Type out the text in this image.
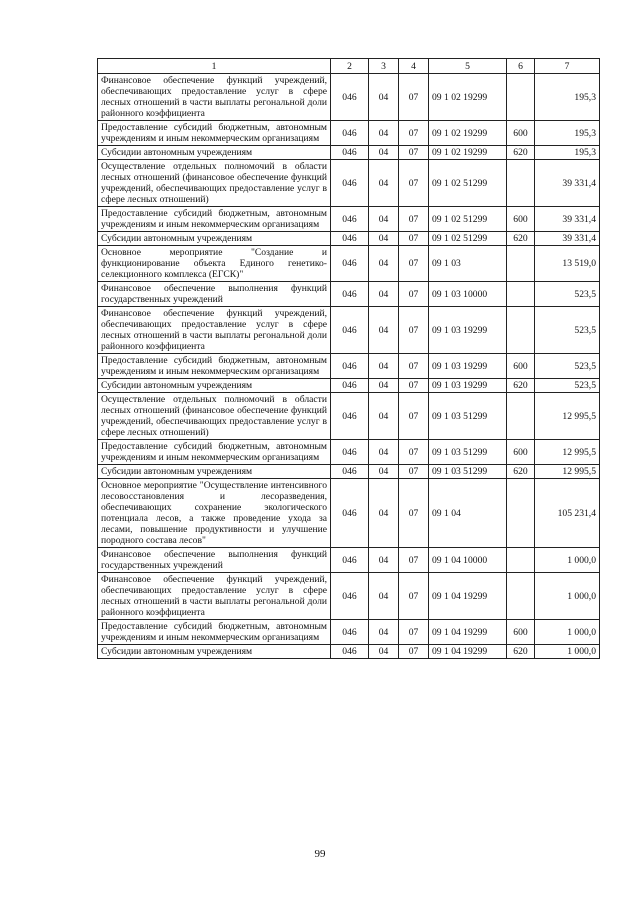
1	2	3	4	5	6	7
Финансовое обеспечение функций учреждений, обеспечивающих предоставление услуг в сфере лесных отношений в части выплаты регональной доли районного коэффициента	046	04	07	09 1 02 19299		195,3
Предоставление субсидий бюджетным, автономным учреждениям и иным некоммерческим организациям	046	04	07	09 1 02 19299	600	195,3
Субсидии автономным учреждениям	046	04	07	09 1 02 19299	620	195,3
Осуществление отдельных полномочий в области лесных отношений (финансовое обеспечение функций учреждений, обеспечивающих предоставление услуг в сфере лесных отношений)	046	04	07	09 1 02 51299		39 331,4
Предоставление субсидий бюджетным, автономным учреждениям и иным некоммерческим организациям	046	04	07	09 1 02 51299	600	39 331,4
Субсидии автономным учреждениям	046	04	07	09 1 02 51299	620	39 331,4
Основное мероприятие "Создание и функционирование объекта Единого генетико-селекционного комплекса (ЕГСК)"	046	04	07	09 1 03		13 519,0
Финансовое обеспечение выполнения функций государственных учреждений	046	04	07	09 1 03 10000		523,5
Финансовое обеспечение функций учреждений, обеспечивающих предоставление услуг в сфере лесных отношений в части выплаты регональной доли районного коэффициента	046	04	07	09 1 03 19299		523,5
Предоставление субсидий бюджетным, автономным учреждениям и иным некоммерческим организациям	046	04	07	09 1 03 19299	600	523,5
Субсидии автономным учреждениям	046	04	07	09 1 03 19299	620	523,5
Осуществление отдельных полномочий в области лесных отношений (финансовое обеспечение функций учреждений, обеспечивающих предоставление услуг в сфере лесных отношений)	046	04	07	09 1 03 51299		12 995,5
Предоставление субсидий бюджетным, автономным учреждениям и иным некоммерческим организациям	046	04	07	09 1 03 51299	600	12 995,5
Субсидии автономным учреждениям	046	04	07	09 1 03 51299	620	12 995,5
Основное мероприятие "Осуществление интенсивного лесовосстановления и лесоразведения, обеспечивающих сохранение экологического потенциала лесов, а также проведение ухода за лесами, повышение продуктивности и улучшение породного состава лесов"	046	04	07	09 1 04		105 231,4
Финансовое обеспечение выполнения функций государственных учреждений	046	04	07	09 1 04 10000		1 000,0
Финансовое обеспечение функций учреждений, обеспечивающих предоставление услуг в сфере лесных отношений в части выплаты регональной доли районного коэффициента	046	04	07	09 1 04 19299		1 000,0
Предоставление субсидий бюджетным, автономным учреждениям и иным некоммерческим организациям	046	04	07	09 1 04 19299	600	1 000,0
Субсидии автономным учреждениям	046	04	07	09 1 04 19299	620	1 000,0
99
